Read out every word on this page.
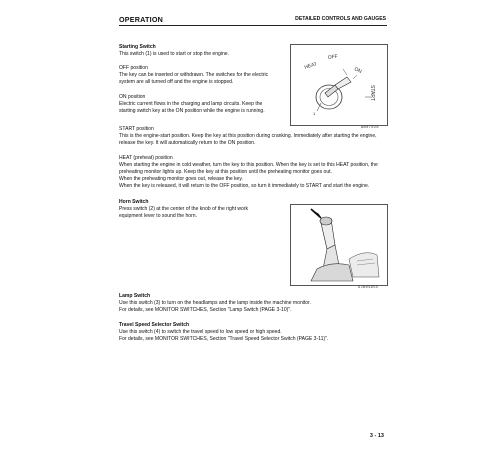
OPERATION	DETAILED CONTROLS AND GAUGES
Starting Switch
This switch (1) is used to start or stop the engine.
OFF position
The key can be inserted or withdrawn. The switches for the electric
system are all turned off and the engine is stopped.
ON position
Electric current flows in the charging and lamp circuits. Keep the
starting switch key at the ON position while the engine is running.	1
HEAT
OFF
ON
START
AB07028
START position
This is the engine-start position. Keep the key at this position during cranking. Immediately after starting the engine,
release the key. It will automatically return to the ON position.
HEAT (preheat) position
When starting the engine in cold weather, turn the key to this position. When the key is set to this HEAT position, the
preheating monitor lights up. Keep the key at this position until the preheating monitor goes out.
When the preheating monitor goes out, release the key.
When the key is released, it will return to the OFF position, so turn it immediately to START and start the engine.
Horn Switch
Press switch (2) at the center of the knob of the right work
equipment lever to sound the horn.
9JB04955
Lamp Switch
Use this switch (3) to turn on the headlamps and the lamp inside the machine monitor.
For details, see MONITOR SWITCHES, Section "Lamp Switch (PAGE 3-10)".
Travel Speed Selector Switch
Use this switch (4) to switch the travel speed to low speed or high speed.
For details, see MONITOR SWITCHES, Section "Travel Speed Selector Switch (PAGE 3-11)".
3 - 13
